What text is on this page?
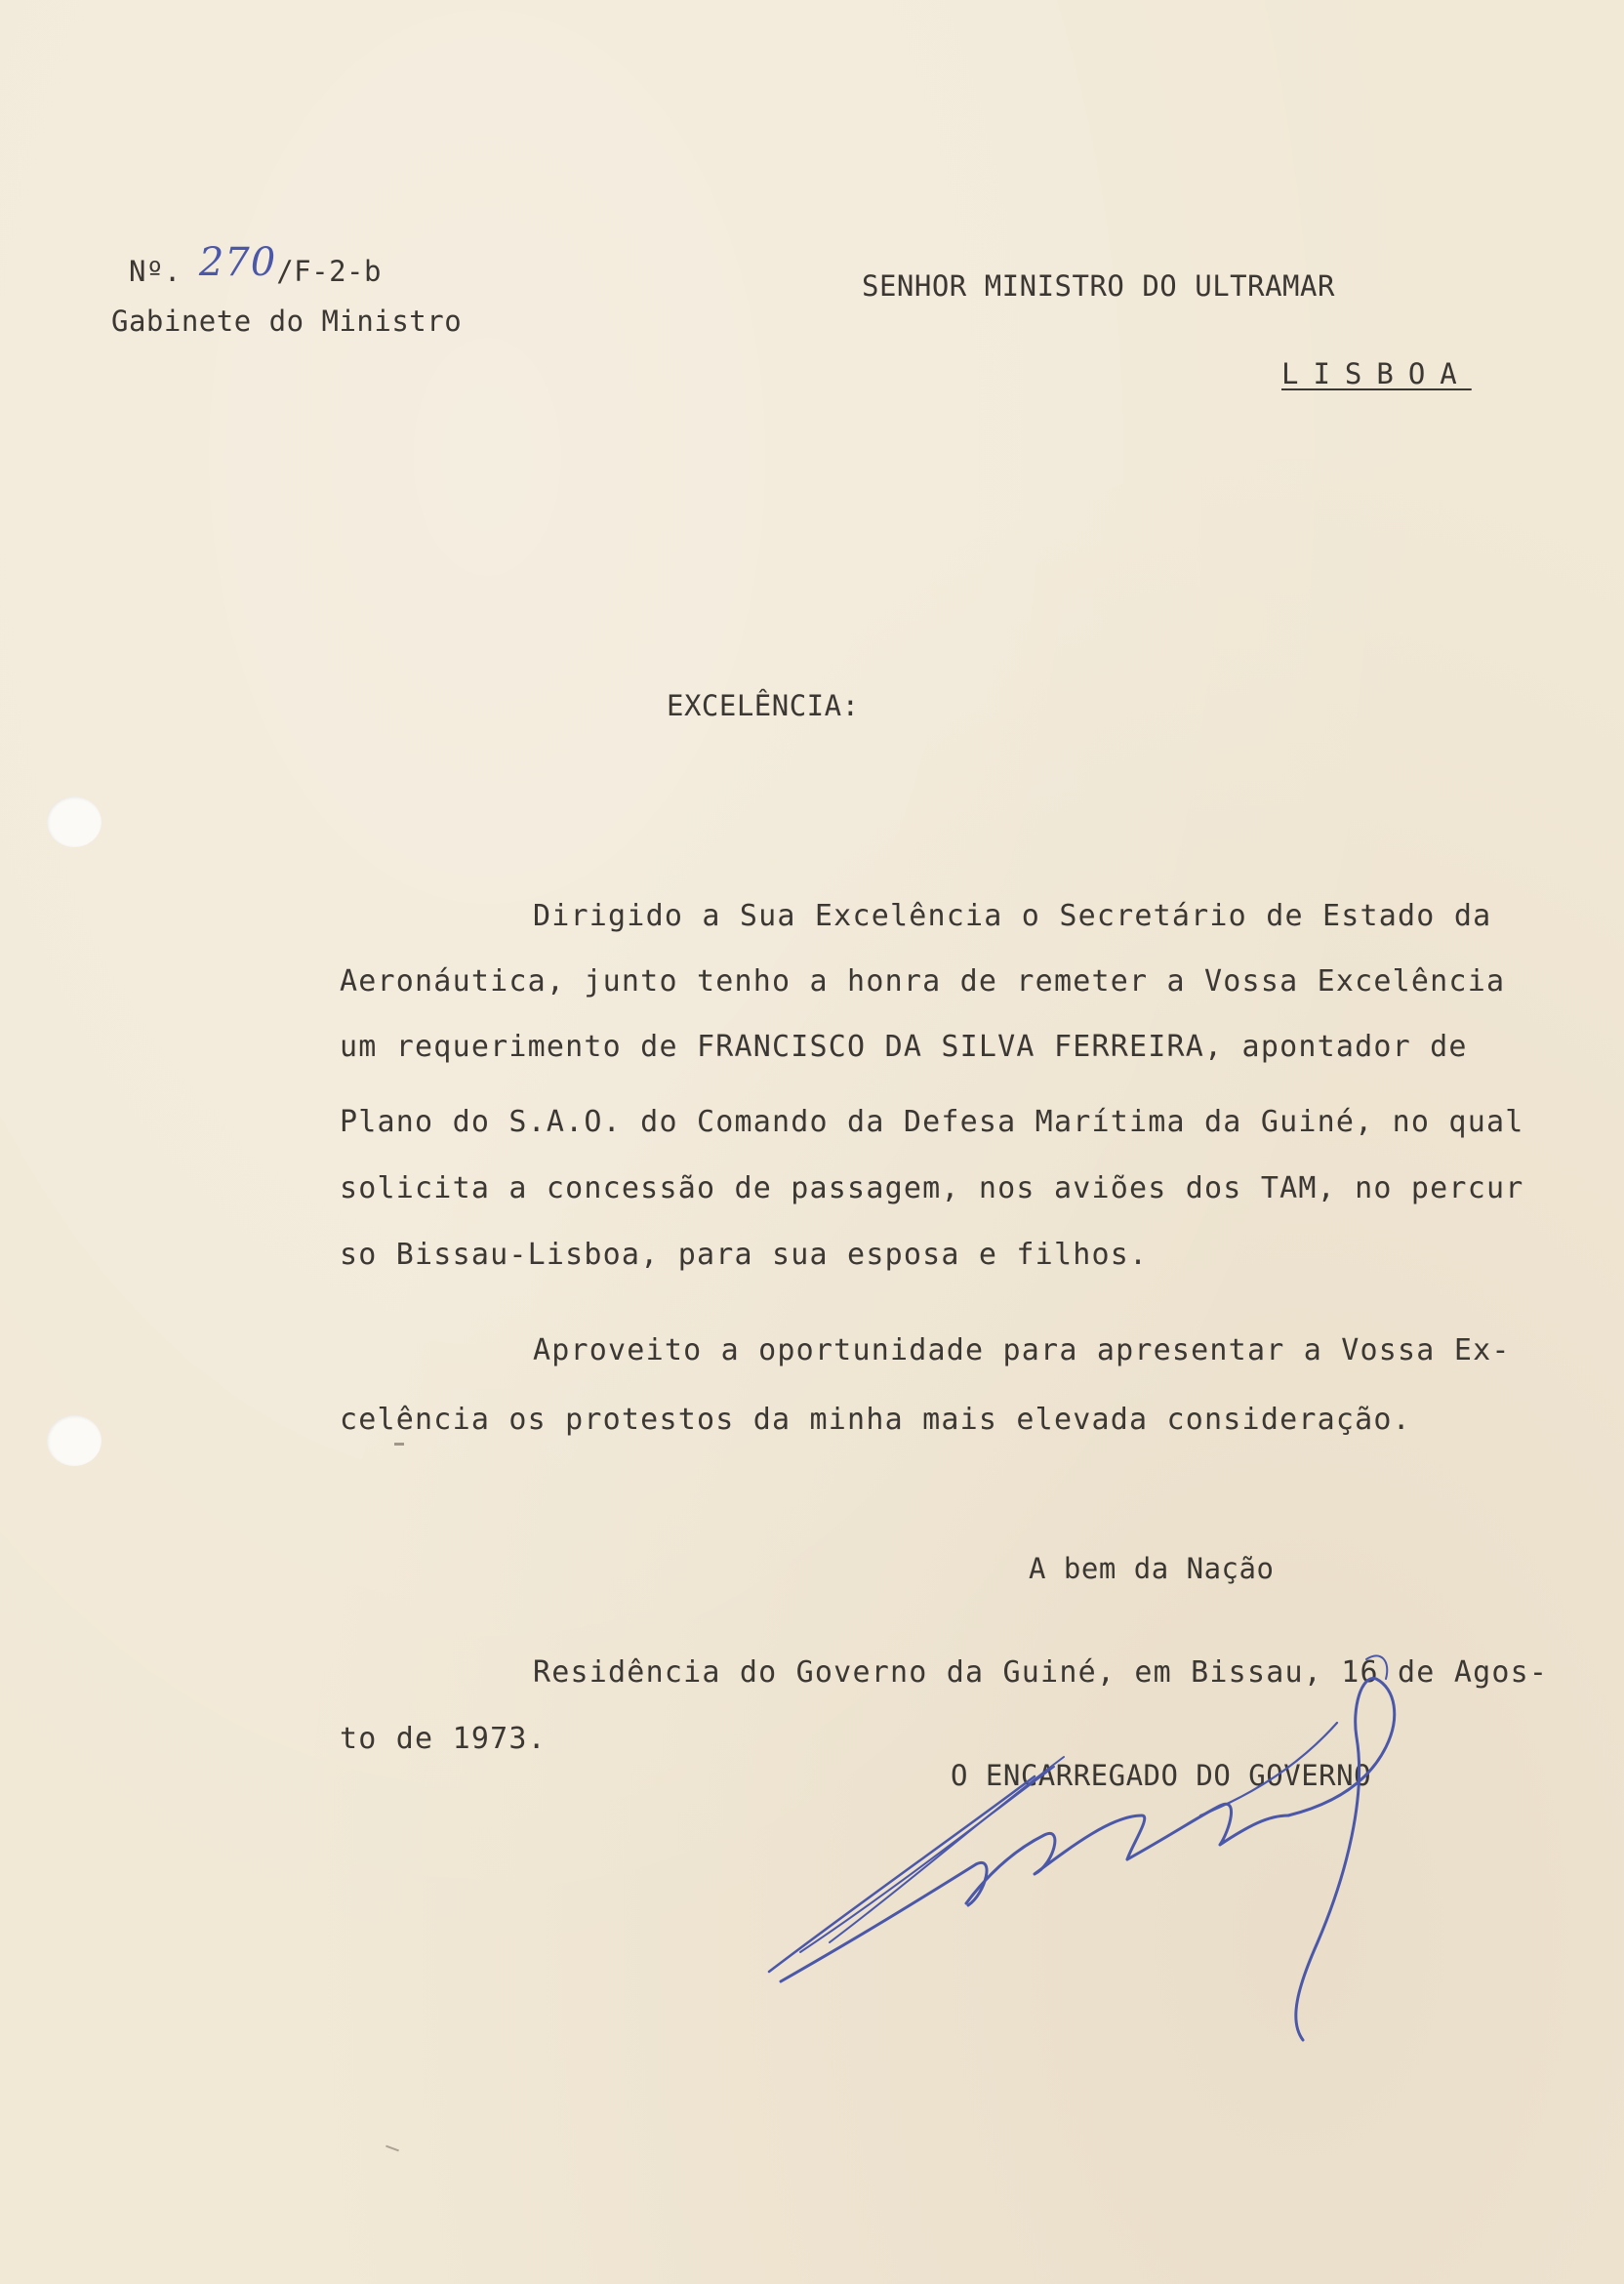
Nº. 270/F-2-b
Gabinete do Ministro
SENHOR MINISTRO DO ULTRAMAR
LISBOA
EXCELÊNCIA:
Dirigido a Sua Excelência o Secretário de Estado da
Aeronáutica, junto tenho a honra de remeter a Vossa Excelência
um requerimento de FRANCISCO DA SILVA FERREIRA, apontador de
Plano do S.A.O. do Comando da Defesa Marítima da Guiné, no qual
solicita a concessão de passagem, nos aviões dos TAM, no percur
so Bissau-Lisboa, para sua esposa e filhos.
Aproveito a oportunidade para apresentar a Vossa Ex-
celência os protestos da minha mais elevada consideração.
A bem da Nação
Residência do Governo da Guiné, em Bissau, 16 de Agos-
to de 1973.
O ENCARREGADO DO GOVERNO
